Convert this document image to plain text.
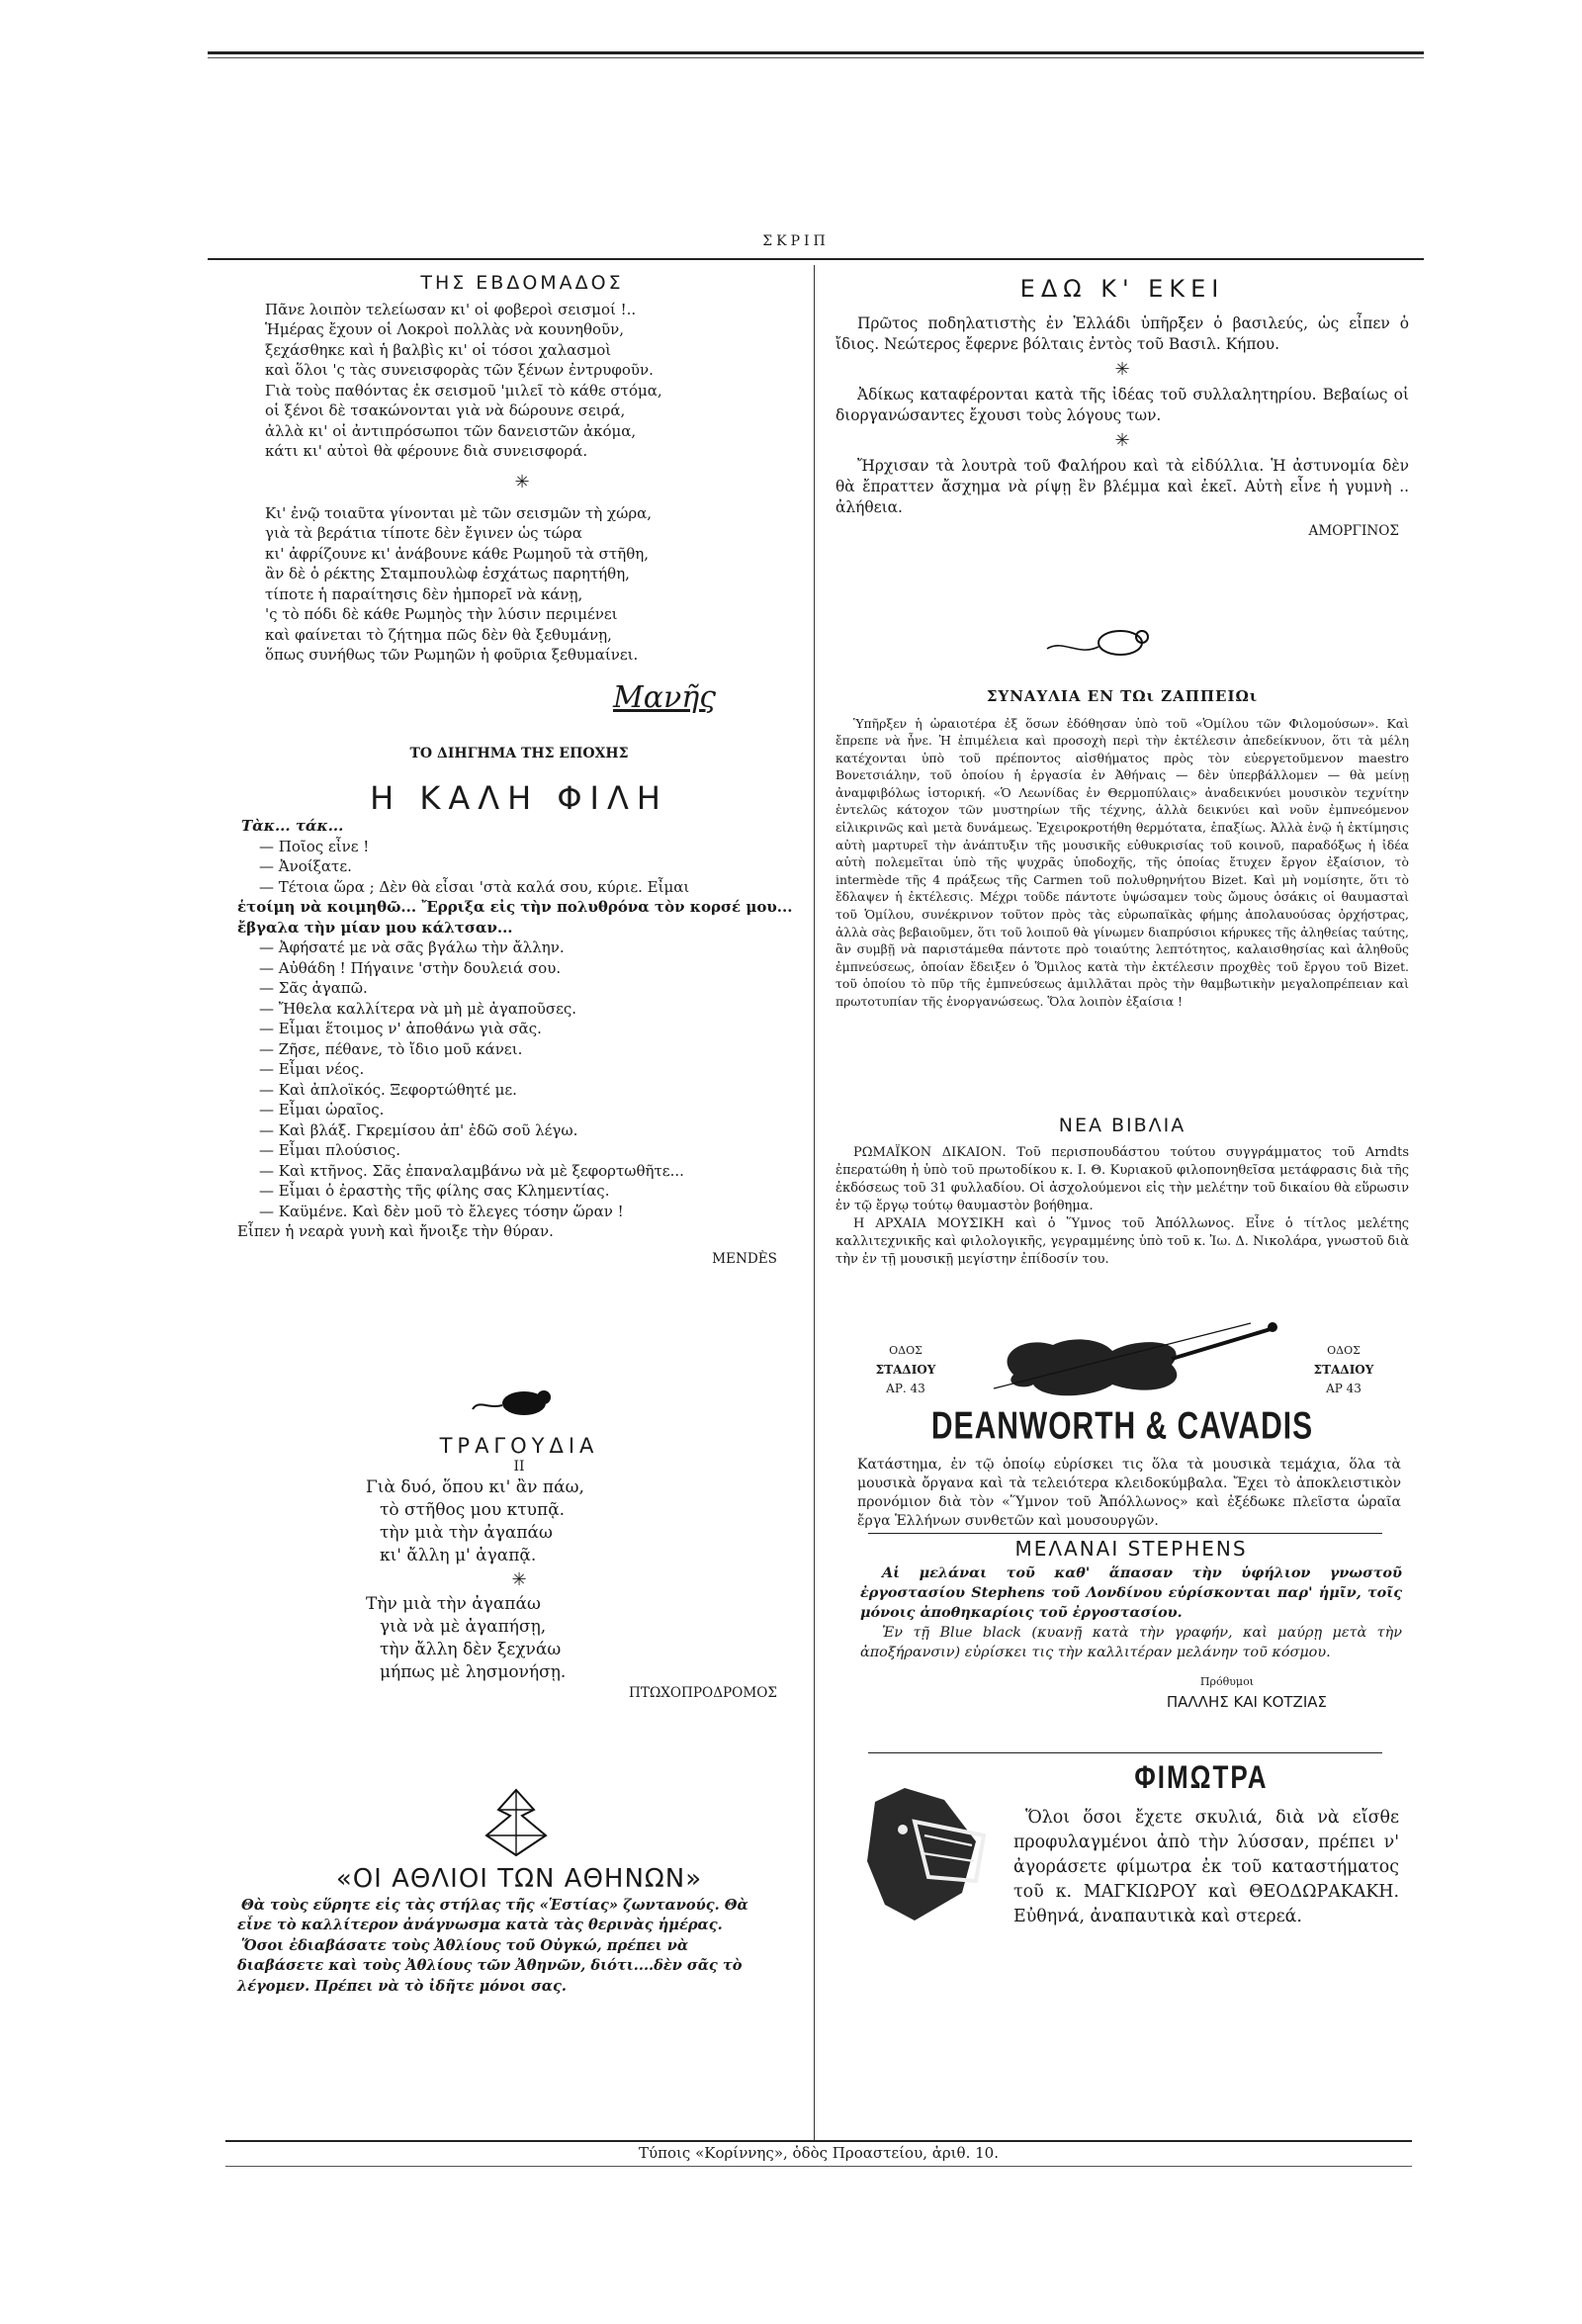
ΣΚΡΙΠ
ΤΗΣ ΕΒΔΟΜΑΔΟΣ
Πᾶνε λοιπὸν τελείωσαν κι' οἱ φοβεροὶ σεισμοί !..
Ἡμέρας ἔχουν οἱ Λοκροὶ πολλὰς νὰ κουνηθοῦν,
ξεχάσθηκε καὶ ἡ βαλβὶς κι' οἱ τόσοι χαλασμοὶ
καὶ ὅλοι 'ς τὰς συνεισφορὰς τῶν ξένων ἐντρυφοῦν.
Γιὰ τοὺς παθόντας ἐκ σεισμοῦ 'μιλεῖ τὸ κάθε στόμα,
οἱ ξένοι δὲ τσακώνονται γιὰ νὰ δώρουνε σειρά,
ἀλλὰ κι' οἱ ἀντιπρόσωποι τῶν δανειστῶν ἀκόμα,
κάτι κι' αὐτοὶ θὰ φέρουνε διὰ συνεισφορά.
✳
Κι' ἐνῷ τοιαῦτα γίνονται μὲ τῶν σεισμῶν τὴ χώρα,
γιὰ τὰ βεράτια τίποτε δὲν ἔγινεν ὡς τώρα
κι' ἀφρίζουνε κι' ἀνάβουνε κάθε Ρωμηοῦ τὰ στῆθη,
ἂν δὲ ὁ ρέκτης Σταμπουλὼφ ἐσχάτως παρητήθη,
τίποτε ἡ παραίτησις δὲν ἠμπορεῖ νὰ κάνῃ,
'ς τὸ πόδι δὲ κάθε Ρωμηὸς τὴν λύσιν περιμένει
καὶ φαίνεται τὸ ζήτημα πῶς δὲν θὰ ξεθυμάνῃ,
ὅπως συνήθως τῶν Ρωμηῶν ἡ φοῦρια ξεθυμαίνει.
Μανῆς
ΤΟ ΔΙΗΓΗΜΑ ΤΗΣ ΕΠΟΧΗΣ
Η ΚΑΛΗ ΦΙΛΗ
Τὰκ... τάκ...
— Ποῖος εἶνε !
— Ἀνοίξατε.
— Τέτοια ὥρα ; Δὲν θὰ εἶσαι 'στὰ καλά σου, κύριε. Εἶμαι
ἑτοίμη νὰ κοιμηθῶ... Ἔρριξα εἰς τὴν πολυθρόνα τὸν κορσέ μου...
ἔβγαλα τὴν μίαν μου κάλτσαν...
— Ἀφήσατέ με νὰ σᾶς βγάλω τὴν ἄλλην.
— Αὐθάδη ! Πήγαινε 'στὴν δουλειά σου.
— Σᾶς ἀγαπῶ.
— Ἤθελα καλλίτερα νὰ μὴ μὲ ἀγαποῦσες.
— Εἶμαι ἕτοιμος ν' ἀποθάνω γιὰ σᾶς.
— Ζῆσε, πέθανε, τὸ ἴδιο μοῦ κάνει.
— Εἶμαι νέος.
— Καὶ ἀπλοϊκός. Ξεφορτώθητέ με.
— Εἶμαι ὡραῖος.
— Καὶ βλάξ. Γκρεμίσου ἀπ' ἐδῶ σοῦ λέγω.
— Εἶμαι πλούσιος.
— Καὶ κτῆνος. Σᾶς ἐπαναλαμβάνω νὰ μὲ ξεφορτωθῆτε...
— Εἶμαι ὁ ἐραστὴς τῆς φίλης σας Κλημεντίας.
— Καϋμένε. Καὶ δὲν μοῦ τὸ ἔλεγες τόσην ὥραν !
Εἶπεν ἡ νεαρὰ γυνὴ καὶ ἤνοιξε τὴν θύραν.
MENDÈS
ΤΡΑΓΟΥΔΙΑ
II
Γιὰ δυό, ὅπου κι' ἂν πάω,
τὸ στῆθος μου κτυπᾷ.
τὴν μιὰ τὴν ἀγαπάω
κι' ἄλλη μ' ἀγαπᾷ.
✳
Τὴν μιὰ τὴν ἀγαπάω
γιὰ νὰ μὲ ἀγαπήσῃ,
τὴν ἄλλη δὲν ξεχνάω
μήπως μὲ λησμονήσῃ.
ΠΤΩΧΟΠΡΟΔΡΟΜΟΣ
«ΟΙ ΑΘΛΙΟΙ ΤΩΝ ΑΘΗΝΩΝ»
Θὰ τοὺς εὕρητε εἰς τὰς στήλας τῆς «Ἑστίας» ζωντανούς. Θὰ
εἶνε τὸ καλλίτερον ἀνάγνωσμα κατὰ τὰς θερινὰς ἡμέρας.
Ὅσοι ἐδιαβάσατε τοὺς Ἀθλίους τοῦ Οὐγκώ, πρέπει νὰ
διαβάσετε καὶ τοὺς Ἀθλίους τῶν Ἀθηνῶν, διότι....δὲν σᾶς τὸ λέγομεν. Πρέπει νὰ τὸ ἰδῆτε μόνοι σας.
ΕΔΩ Κ' ΕΚΕΙ
Πρῶτος ποδηλατιστὴς ἐν Ἑλλάδι ὑπῆρξεν ὁ βασιλεύς, ὡς εἶπεν ὁ ἴδιος. Νεώτερος ἔφερνε βόλταις ἐντὸς τοῦ Βασιλ. Κήπου.
✳
Ἀδίκως καταφέρονται κατὰ τῆς ἰδέας τοῦ συλλαλητηρίου. Βεβαίως οἱ διοργανώσαντες ἔχουσι τοὺς λόγους των.
✳
Ἤρχισαν τὰ λουτρὰ τοῦ Φαλήρου καὶ τὰ εἰδύλλια. Ἡ ἀστυνομία δὲν θὰ ἔπραττεν ἄσχημα νὰ ρίψῃ ἓν βλέμμα καὶ ἐκεῖ. Αὐτὴ εἶνε ἡ γυμνὴ .. ἀλήθεια.
ΑΜΟΡΓΙΝΟΣ
ΣΥΝΑΥΛΙΑ ΕΝ ΤΩι ΖΑΠΠΕΙΩι
Ὑπῆρξεν ἡ ὡραιοτέρα ἐξ ὅσων ἐδόθησαν ὑπὸ τοῦ «Ὁμίλου τῶν Φιλομούσων». Καὶ ἔπρεπε νὰ ἦνε. Ἡ ἐπιμέλεια καὶ προσοχὴ περὶ τὴν ἐκτέλεσιν ἀπεδείκνυον, ὅτι τὰ μέλη κατέχονται ὑπὸ τοῦ πρέποντος αἰσθήματος πρὸς τὸν εὐεργετοῦμενον maestro Βονετσιάλην, τοῦ ὁποίου ἡ ἐργασία ἐν Ἀθήναις — δὲν ὑπερβάλλομεν — θὰ μείνῃ ἀναμφιβόλως ἱστορική. «Ὁ Λεωνίδας ἐν Θερμοπύλαις» ἀναδεικνύει μουσικὸν τεχνίτην ἐντελῶς κάτοχον τῶν μυστηρίων τῆς τέχνης, ἀλλὰ δεικνύει καὶ νοῦν ἐμπνεόμενον εἰλικρινῶς καὶ μετὰ δυνάμεως. Ἐχειροκροτήθη θερμότατα, ἐπαξίως. Ἀλλὰ ἐνῷ ἡ ἐκτίμησις αὐτὴ μαρτυρεῖ τὴν ἀνάπτυξιν τῆς μουσικῆς εὐθυκρισίας τοῦ κοινοῦ, παραδόξως ἡ ἰδέα αὐτὴ πολεμεῖται ὑπὸ τῆς ψυχρᾶς ὑποδοχῆς, τῆς ὁποίας ἔτυχεν ἔργον ἐξαίσιον, τὸ intermède τῆς 4 πράξεως τῆς Carmen τοῦ πολυθρηνήτου Bizet. Καὶ μὴ νομίσητε, ὅτι τὸ ἔδλαψεν ἡ ἐκτέλεσις. Μέχρι τοῦδε πάντοτε ὑψώσαμεν τοὺς ὤμους ὁσάκις οἱ θαυμασταὶ τοῦ Ὁμίλου, συνέκρινον τοῦτον πρὸς τὰς εὐρωπαϊκὰς φήμης ἀπολαυούσας ὀρχήστρας, ἀλλὰ σὰς βεβαιοῦμεν, ὅτι τοῦ λοιποῦ θὰ γίνωμεν διαπρύσιοι κήρυκες τῆς ἀληθείας ταύτης, ἂν συμβῇ νὰ παριστάμεθα πάντοτε πρὸ τοιαύτης λεπτότητος, καλαισθησίας καὶ ἀληθοῦς ἐμπνεύσεως, ὁποίαν ἔδειξεν ὁ Ὅμιλος κατὰ τὴν ἐκτέλεσιν προχθὲς τοῦ ἔργου τοῦ Bizet. τοῦ ὁποίου τὸ πῦρ τῆς ἐμπνεύσεως ἁμιλλᾶται πρὸς τὴν θαμβωτικὴν μεγαλοπρέπειαν καὶ πρωτοτυπίαν τῆς ἐνοργανώσεως. Ὅλα λοιπὸν ἐξαίσια !
ΝΕΑ ΒΙΒΛΙΑ
ΡΩΜΑΪΚΟΝ ΔΙΚΑΙΟΝ. Τοῦ περισπουδάστου τούτου συγγράμματος τοῦ Arndts ἐπερατώθη ἡ ὑπὸ τοῦ πρωτοδίκου κ. Ι. Θ. Κυριακοῦ φιλοπονηθεῖσα μετάφρασις διὰ τῆς ἐκδόσεως τοῦ 31 φυλλαδίου. Οἱ ἀσχολούμενοι εἰς τὴν μελέτην τοῦ δικαίου θὰ εὕρωσιν ἐν τῷ ἔργῳ τούτῳ θαυμαστὸν βοήθημα.
Η ΑΡΧΑΙΑ ΜΟΥΣΙΚΗ καὶ ὁ Ὕμνος τοῦ Ἀπόλλωνος. Εἶνε ὁ τίτλος μελέτης καλλιτεχνικῆς καὶ φιλολογικῆς, γεγραμμένης ὑπὸ τοῦ κ. Ἰω. Δ. Νικολάρα, γνωστοῦ διὰ τὴν ἐν τῇ μουσικῇ μεγίστην ἐπίδοσίν του.
ΟΔΟΣ
ΣΤΑΔΙΟΥ
ΑΡ. 43
ΟΔΟΣ
ΣΤΑΔΙΟΥ
ΑΡ 43
DEANWORTH & CAVADIS
Κατάστημα, ἐν τῷ ὁποίῳ εὑρίσκει τις ὅλα τὰ μουσικὰ τεμάχια, ὅλα τὰ μουσικὰ ὄργανα καὶ τὰ τελειότερα κλειδοκύμβαλα. Ἔχει τὸ ἀποκλειστικὸν προνόμιον διὰ τὸν «Ὕμνον τοῦ Ἀπόλλωνος» καὶ ἐξέδωκε πλεῖστα ὡραῖα ἔργα Ἑλλήνων συνθετῶν καὶ μουσουργῶν.
ΜΕΛΑΝΑΙ STEPHENS
Αἱ μελάναι τοῦ καθ' ἅπασαν τὴν ὑφήλιον γνωστοῦ ἐργοστασίου Stephens τοῦ Λονδίνου εὑρίσκονται παρ' ἡμῖν, τοῖς μόνοις ἀποθηκαρίοις τοῦ ἐργοστασίου.
Ἐν τῇ Blue black (κυανῇ κατὰ τὴν γραφήν, καὶ μαύρῃ μετὰ τὴν ἀποξήρανσιν) εὑρίσκει τις τὴν καλλιτέραν μελάνην τοῦ κόσμου.
Πρόθυμοι
ΠΑΛΛΗΣ ΚΑΙ ΚΟΤΖΙΑΣ
ΦΙΜΩΤΡΑ
Ὅλοι ὅσοι ἔχετε σκυλιά, διὰ νὰ εἴσθε προφυλαγμένοι ἀπὸ τὴν λύσσαν, πρέπει ν' ἀγοράσετε φίμωτρα ἐκ τοῦ καταστήματος τοῦ κ. ΜΑΓΚΙΩΡΟΥ καὶ ΘΕΟΔΩΡΑΚΑΚΗ. Εὐθηνά, ἀναπαυτικὰ καὶ στερεά.
Τύποις «Κορίννης», ὁδὸς Προαστείου, ἀριθ. 10.
